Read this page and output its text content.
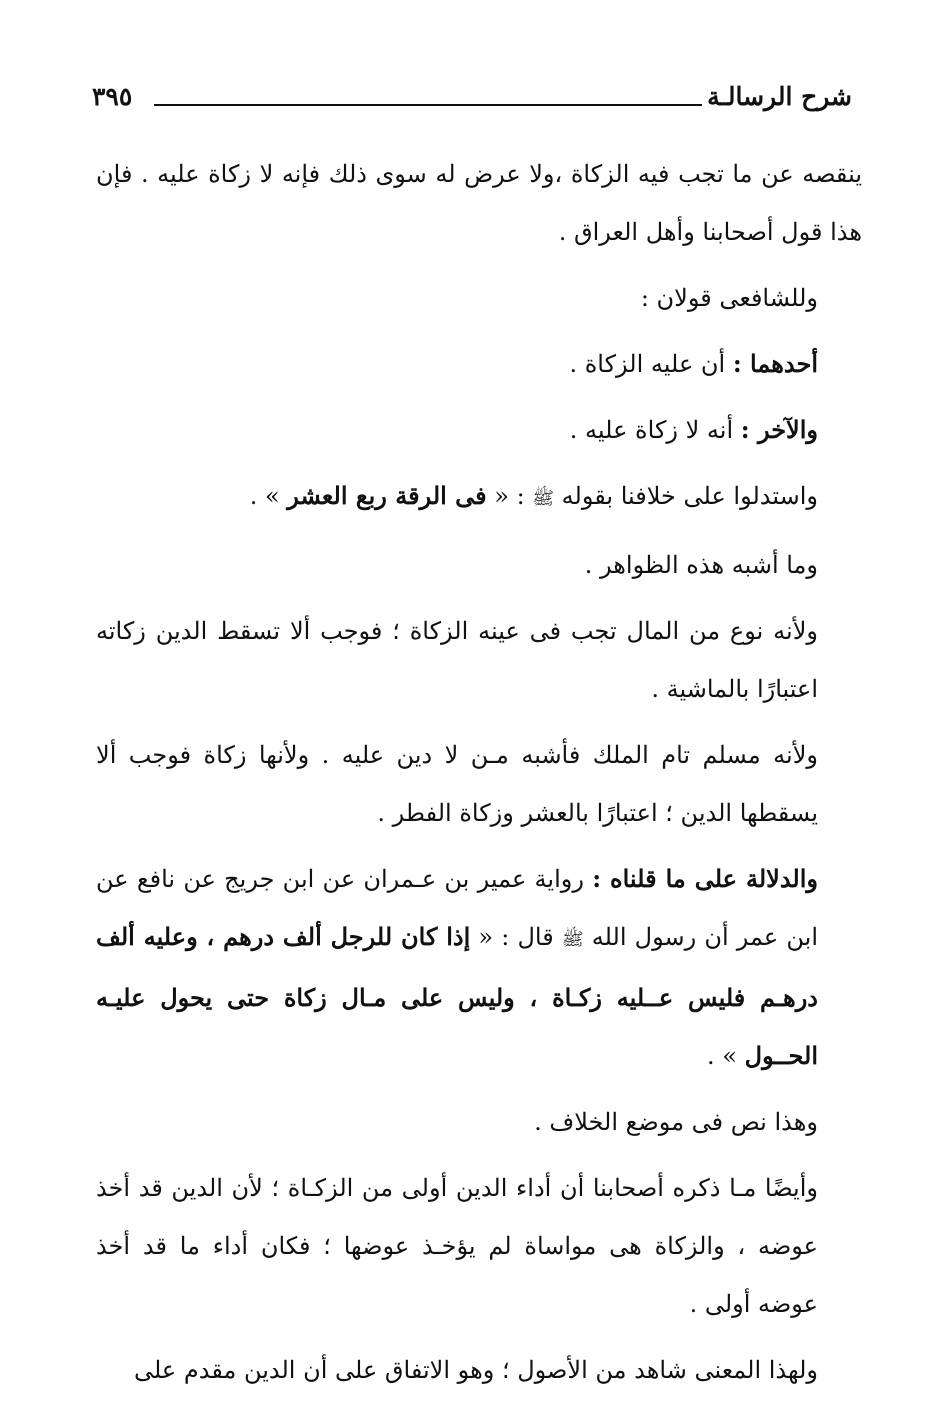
شرح الرسالـة
٣٩٥

ينقصه عن ما تجب فيه الزكاة ،ولا عرض له سوى ذلك فإنه لا زكاة عليه . فإن هذا قول أصحابنا وأهل العراق .

وللشافعى قولان :

أحدهما : أن عليه الزكاة .

والآخر : أنه لا زكاة عليه .

واستدلوا على خلافنا بقوله ﷺ : « فى الرقة ربع العشر » .

وما أشبه هذه الظواهر .

ولأنه نوع من المال تجب فى عينه الزكاة ؛ فوجب ألا تسقط الدين زكاته اعتبارًا بالماشية .

ولأنه مسلم تام الملك فأشبه مـن لا دين عليه . ولأنها زكاة فوجب ألا يسقطها الدين ؛ اعتبارًا بالعشر وزكاة الفطر .

والدلالة على ما قلناه : رواية عمير بن عـمران عن ابن جريج عن نافع عن ابن عمر أن رسول الله ﷺ قال : « إذا كان للرجل ألف درهم ، وعليه ألف درهـم فليس عــليه زكـاة ، وليس على مـال زكاة حتى يحول عليـه الحــول » .

وهذا نص فى موضع الخلاف .

وأيضًا مـا ذكره أصحابنا أن أداء الدين أولى من الزكـاة ؛ لأن الدين قد أخذ عوضه ، والزكاة هى مواساة لم يؤخـذ عوضها ؛ فكان أداء ما قد أخذ عوضه أولى .

ولهذا المعنى شاهد من الأصول ؛ وهو الاتفاق على أن الدين مقدم على
